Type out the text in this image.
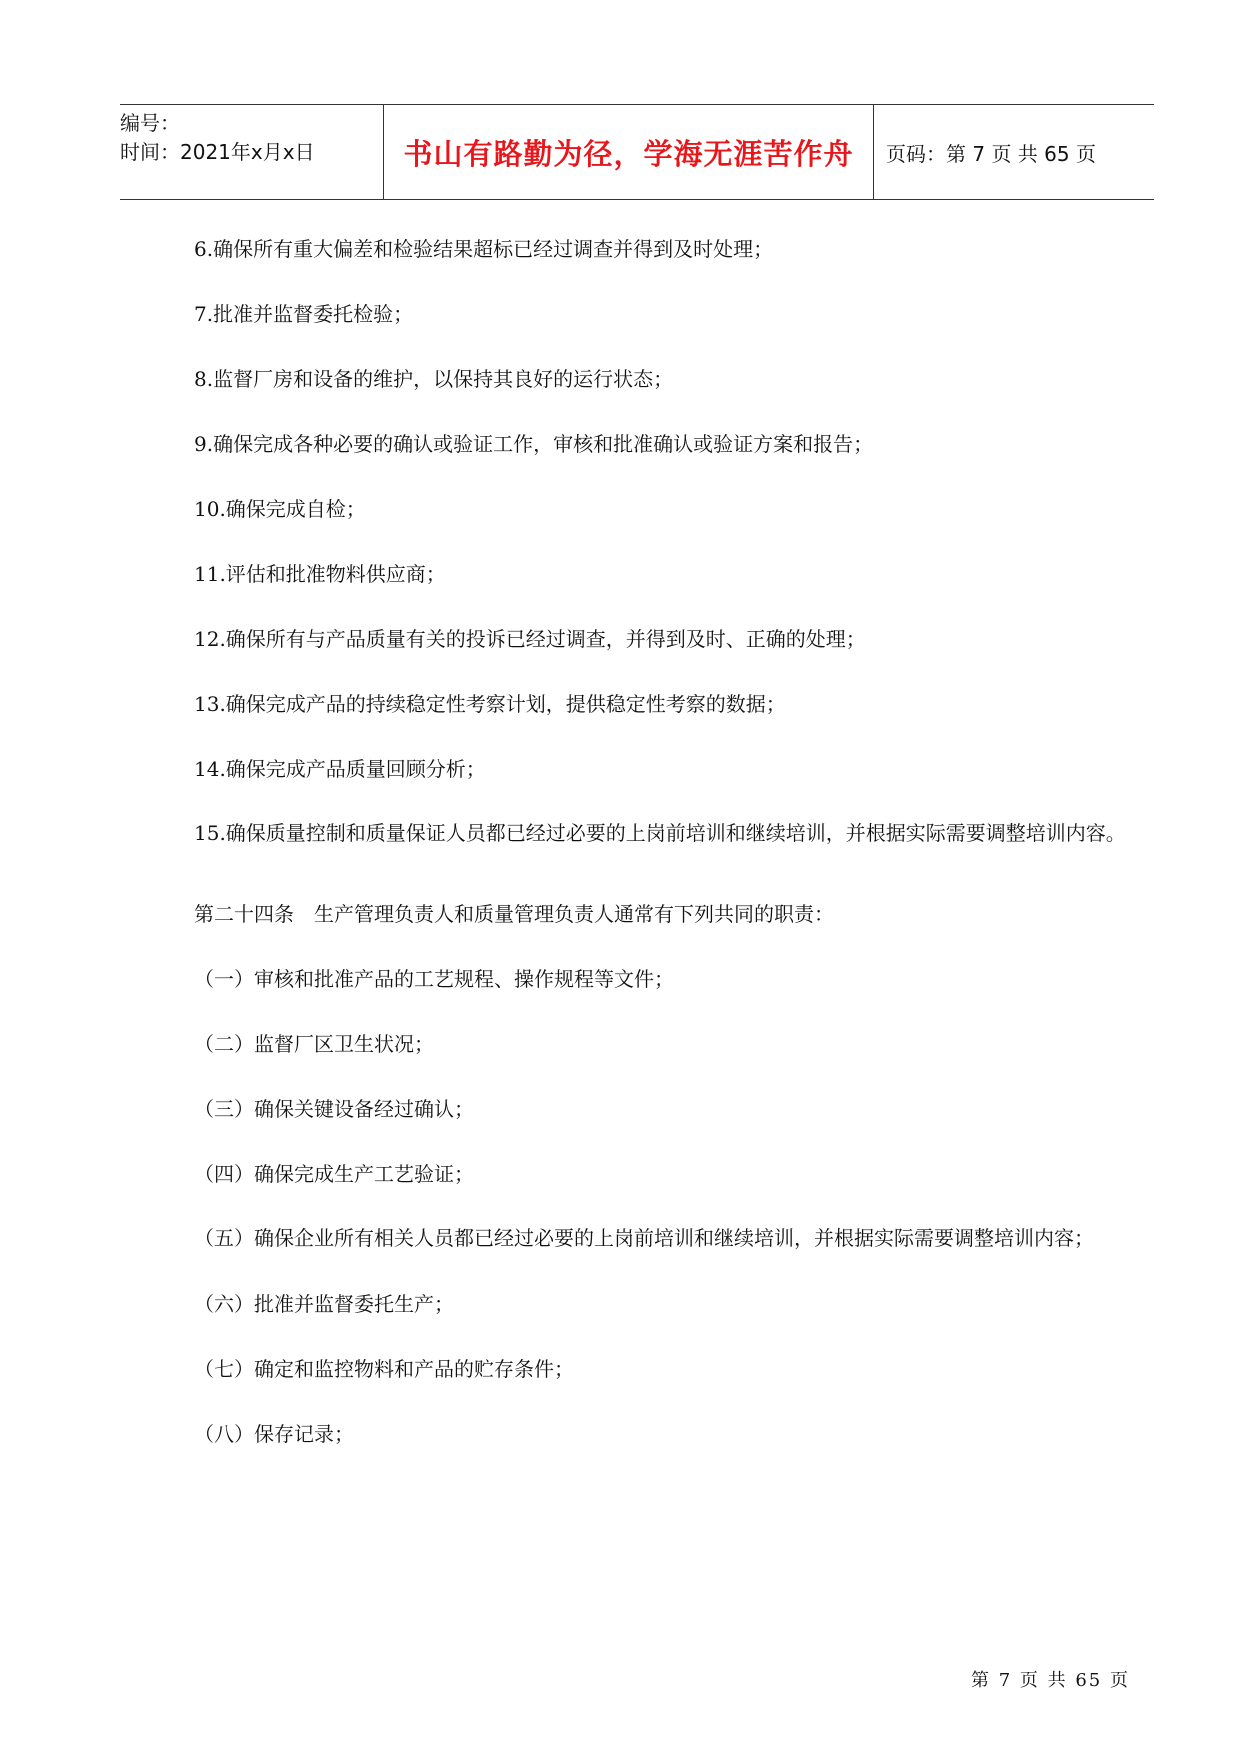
编号：
时间：2021年x月x日	书山有路勤为径，学海无涯苦作舟	页码：第 7 页 共 65 页

6.确保所有重大偏差和检验结果超标已经过调查并得到及时处理；

7.批准并监督委托检验；

8.监督厂房和设备的维护，以保持其良好的运行状态；

9.确保完成各种必要的确认或验证工作，审核和批准确认或验证方案和报告；

10.确保完成自检；

11.评估和批准物料供应商；

12.确保所有与产品质量有关的投诉已经过调查，并得到及时、正确的处理；

13.确保完成产品的持续稳定性考察计划，提供稳定性考察的数据；

14.确保完成产品质量回顾分析；

15.确保质量控制和质量保证人员都已经过必要的上岗前培训和继续培训，并根据实际需要调整培训内容。

第二十四条　生产管理负责人和质量管理负责人通常有下列共同的职责：

（一）审核和批准产品的工艺规程、操作规程等文件；

（二）监督厂区卫生状况；

（三）确保关键设备经过确认；

（四）确保完成生产工艺验证；

（五）确保企业所有相关人员都已经过必要的上岗前培训和继续培训，并根据实际需要调整培训内容；

（六）批准并监督委托生产；

（七）确定和监控物料和产品的贮存条件；

（八）保存记录；

第 7 页 共 65 页
